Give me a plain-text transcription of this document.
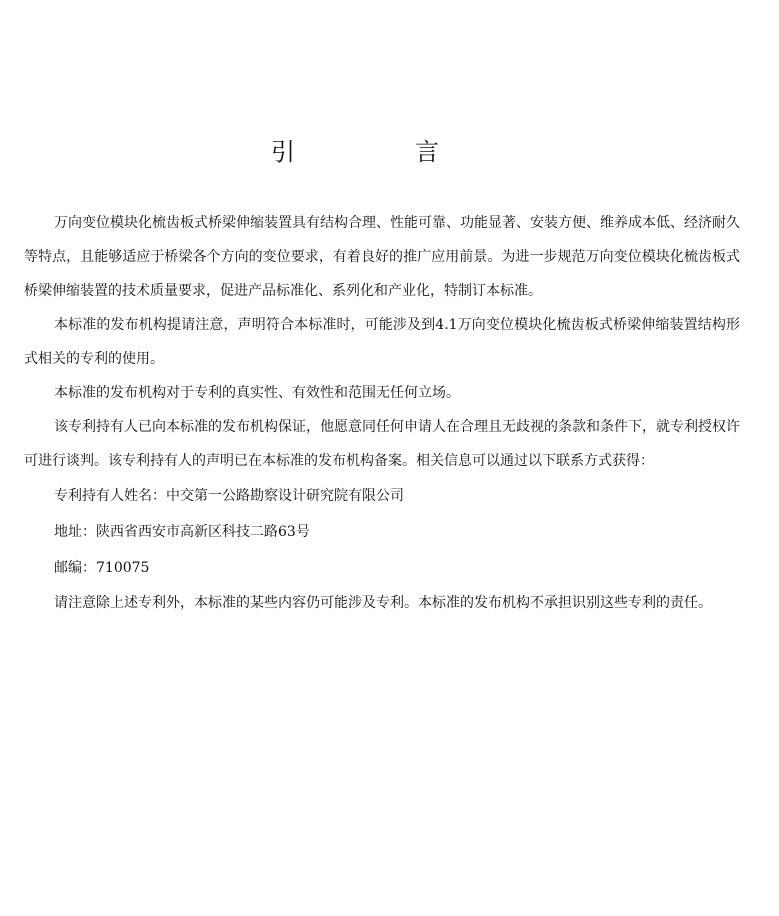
引　言

万向变位模块化梳齿板式桥梁伸缩装置具有结构合理、性能可靠、功能显著、安装方便、维养成本低、经济耐久等特点，且能够适应于桥梁各个方向的变位要求，有着良好的推广应用前景。为进一步规范万向变位模块化梳齿板式桥梁伸缩装置的技术质量要求，促进产品标准化、系列化和产业化，特制订本标准。

本标准的发布机构提请注意，声明符合本标准时，可能涉及到4.1万向变位模块化梳齿板式桥梁伸缩装置结构形式相关的专利的使用。

本标准的发布机构对于专利的真实性、有效性和范围无任何立场。

该专利持有人已向本标准的发布机构保证，他愿意同任何申请人在合理且无歧视的条款和条件下，就专利授权许可进行谈判。该专利持有人的声明已在本标准的发布机构备案。相关信息可以通过以下联系方式获得：

专利持有人姓名：中交第一公路勘察设计研究院有限公司

地址：陕西省西安市高新区科技二路63号

邮编：710075

请注意除上述专利外，本标准的某些内容仍可能涉及专利。本标准的发布机构不承担识别这些专利的责任。
